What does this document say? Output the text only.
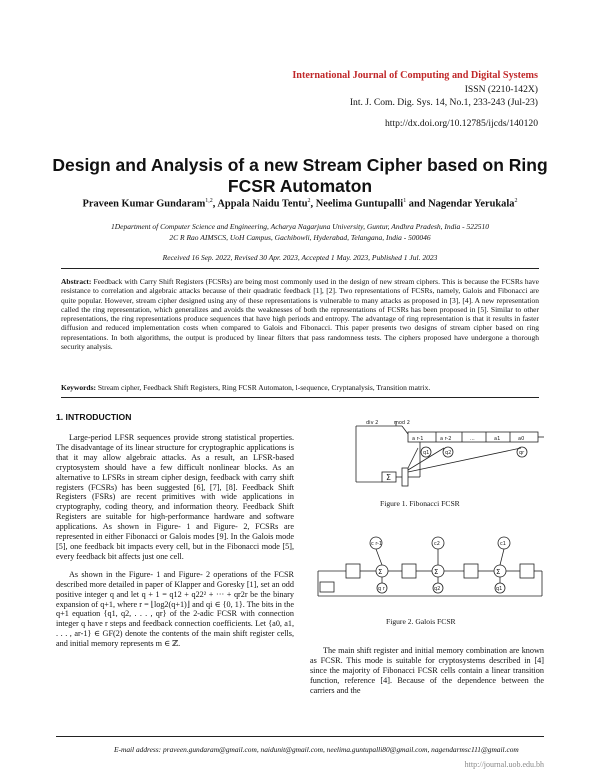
International Journal of Computing and Digital Systems
ISSN (2210-142X)
Int. J. Com. Dig. Sys. 14, No.1, 233-243 (Jul-23)
http://dx.doi.org/10.12785/ijcds/140120
Design and Analysis of a new Stream Cipher based on Ring FCSR Automaton
Praveen Kumar Gundaram$^{1,2}$, Appala Naidu Tentu$^2$, Neelima Guntupalli$^1$ and Nagendar Yerukala$^2$
1Department of Computer Science and Engineering, Acharya Nagarjuna University, Guntur, Andhra Pradesh, India - 522510
2C R Rao AIMSCS, UoH Campus, Gachibowli, Hyderabad, Telangana, India - 500046
Received 16 Sep. 2022, Revised 30 Apr. 2023, Accepted 1 May. 2023, Published 1 Jul. 2023
Abstract: Feedback with Carry Shift Registers (FCSRs) are being most commonly used in the design of new stream ciphers. This is because the FCSRs have resistance to correlation and algebraic attacks because of their quadratic feedback [1], [2]. Two representations of FCSRs, namely, Galois and Fibonacci are quite popular. However, stream cipher designed using any of these representations is vulnerable to many attacks as proposed in [3], [4]. A new representation called the ring representation, which generalizes and avoids the weaknesses of both the representations of FCSRs has been proposed in [5]. Similar to other representations, the ring representations produce sequences that have high periods and entropy. The advantage of ring representation is that it results in faster diffusion and reduced implementation costs when compared to Galois and Fibonacci. This paper presents two designs of stream cipher based on ring representations. In both algorithms, the output is produced by linear filters that pass randomness tests. The ciphers proposed have undergone a thorough security analysis.
Keywords: Stream cipher, Feedback Shift Registers, Ring FCSR Automaton, l-sequence, Cryptanalysis, Transition matrix.
1. INTRODUCTION

Large-period LFSR sequences provide strong statistical properties. The disadvantage of its linear structure for cryptographic applications is that it may allow algebraic attacks. As a result, an LFSR-based cryptosystem should have a few difficult nonlinear blocks. As an alternative to LFSRs in stream cipher design, feedback with carry shift registers (FCSRs) has been suggested [6], [7], [8]. Feedback Shift Registers (FSRs) are recent primitives with wide applications in cryptography, coding theory, and information theory. Feedback Shift Registers are suitable for high-performance hardware and software applications. As shown in Figure- 1 and Figure- 2, FCSRs are represented in either Fibonacci or Galois modes [9]. In the Galois mode [5], one feedback bit impacts every cell, but in the Fibonacci mode [5], every feedback bit affects just one cell.

As shown in the Figure- 1 and Figure- 2 operations of the FCSR described more detailed in paper of Klapper and Goresky [1], set an odd positive integer q and let q + 1 = q12 + q22² + ··· + qr2r be the binary expansion of q+1, where r = ⌊log2(q+1)⌋ and qi ∈ {0, 1}. The bits in the q+1 equation {q1, q2, . . . , qr} of the 2-adic FCSR with connection integer q have r steps and feedback connection coefficients. Let {a0, a1, . . . , ar-1} ∈ GF(2) denote the contents of the main shift register cells, and initial memory represents m ∈ ℤ.

div 2	mod 2
a r-1	a r-2	...	a1	a0
q1	q2	qr
Σ
Figure 1. Fibonacci FCSR
c r-1	c2	c1
q r	q2	q1
Σ	Σ	Σ
Figure 2. Galois FCSR

The main shift register and initial memory combination are known as FCSR. This mode is suitable for cryptosystems described in [4] since the majority of Fibonacci FCSR cells contain a linear transition function, reference [4]. Because of the dependence between the carriers and the

E-mail address: praveen.gundaram@gmail.com, naidunit@gmail.com, neelima.guntupalli80@gmail.com, nagendarmsc111@gmail.com
http://journal.uob.edu.bh
